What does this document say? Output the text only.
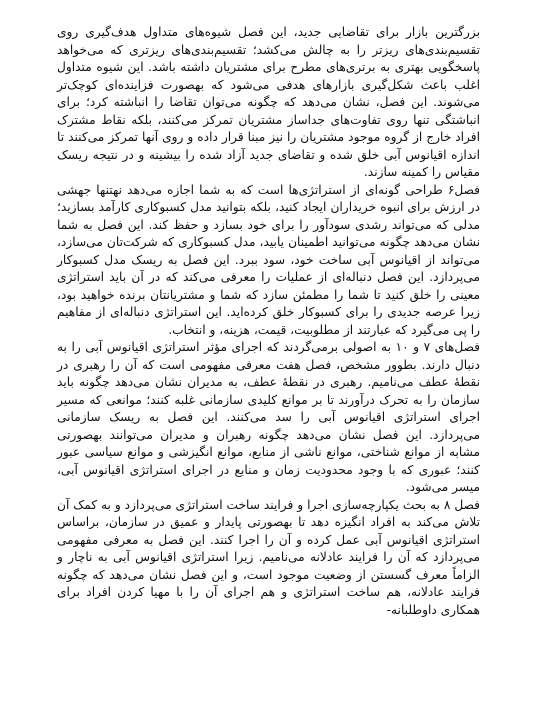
بزرگترین بازار برای تقاضایی جدید، این فصل شیوه‌های متداول هدف‌گیری روی تقسیم‌بندی‌های ریزتر را به چالش می‌کشد؛ تقسیم‌بندی‌های ریزتری که می‌خواهد پاسخگویی بهتری به برتری‌های مطرح برای مشتریان داشته باشد. این شیوه متداول اغلب باعث شکل‌گیری بازارهای هدفی می‌شود که بهصورت فزاینده‌ای کوچک‌تر می‌شوند. این فصل، نشان می‌دهد که چگونه می‌توان تقاضا را انباشته کرد؛ برای انباشتگی تنها روی تفاوت‌های جداساز مشتریان تمرکز می‌کنند، بلکه نقاط مشترک افراد خارج از گروه موجود مشتریان را نیز مبنا قرار داده و روی آنها تمرکز می‌کنند تا اندازه اقیانوس آبی خلق شده و تقاضای جدید آزاد شده را بیشینه و در نتیجه ریسک مقیاس را کمینه سازند.

فصل۶ طراحی گونه‌ای از استراتژی‌ها است که به شما اجازه می‌دهد نهتنها جهشی در ارزش برای انبوه خریداران ایجاد کنید، بلکه بتوانید مدل کسبوکاری کارآمد بسازید؛ مدلی که می‌تواند رشدی سودآور را برای خود بسازد و حفظ کند. این فصل به شما نشان می‌دهد چگونه می‌توانید اطمینان یابید، مدل کسبوکاری که شرکت‌تان می‌سازد، می‌تواند از اقیانوس آبی ساخت خود، سود ببرد. این فصل به ریسک مدل کسبوکار می‌پردازد. این فصل دنباله‌ای از عملیات را معرفی می‌کند که در آن باید استراتژی معینی را خلق کنید تا شما را مطمئن سازد که شما و مشتریانتان برنده خواهید بود، زیرا عرصه جدیدی را برای کسبوکار خلق کرده‌اید. این استراتژی دنباله‌ای از مفاهیم را پی می‌گیرد که عبارتند از مطلوبیت، قیمت، هزینه، و انتخاب.

فصل‌های ۷ و ۱۰ به اصولی برمی‌گردند که اجرای مؤثر استراتژی اقیانوس آبی را به دنبال دارند. بطوور مشخص، فصل هفت معرفی مفهومی است که آن را رهبری در نقطهٔ عطف می‌نامیم. رهبری در نقطهٔ عطف، به مدیران نشان می‌دهد چگونه باید سازمان را به تحرک درآورند تا بر موانع کلیدی سازمانی غلبه کنند؛ موانعی که مسیر اجرای استراتژی اقیانوس آبی را سد می‌کنند. این فصل به ریسک سازمانی می‌پردازد. این فصل نشان می‌دهد چگونه رهبران و مدیران می‌توانند بهصورتی مشابه از موانع شناختی، موانع ناشی از منابع، موانع انگیزشی و موانع سیاسی عبور کنند؛ عبوری که با وجود محدودیت زمان و منابع در اجرای استراتژی اقیانوس آبی، میسر می‌شود.

فصل ۸ به بحث یکپارچه‌سازی اجرا و فرایند ساخت استراتژی می‌پردازد و به کمک آن تلاش می‌کند به افراد انگیزه دهد تا بهصورتی پایدار و عمیق در سازمان، براساس استراتژی اقیانوس آبی عمل کرده و آن را اجرا کنند. این فصل به معرفی مفهومی می‌پردازد که آن را فرایند عادلانه می‌نامیم. زیرا استراتژی اقیانوس آبی به ناچار و الزاماً معرف گسستن از وضعیت موجود است، و این فصل نشان می‌دهد که چگونه فرایند عادلانه، هم ساخت استراتژی و هم اجرای آن را با مهیا کردن افراد برای همکاری داوطلبانه-
